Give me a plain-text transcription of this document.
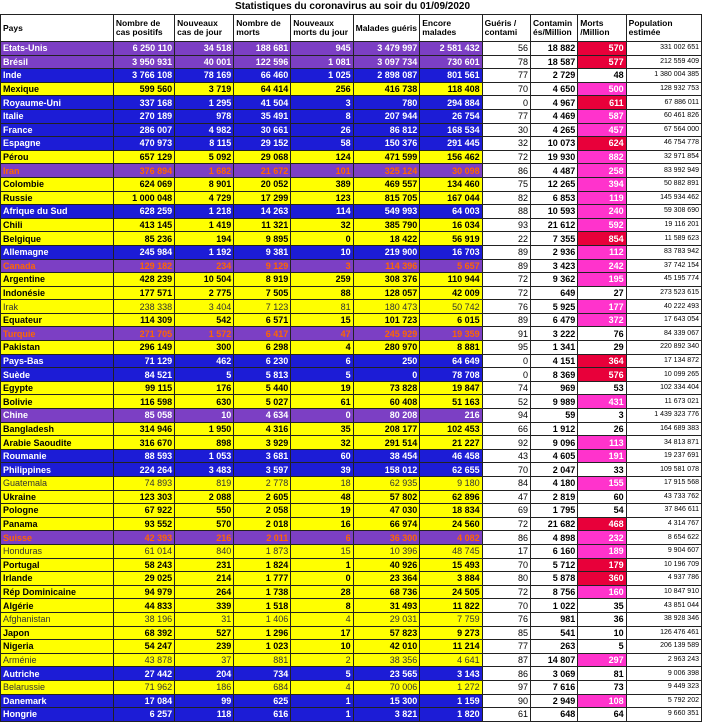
Statistiques du coronavirus au soir du 01/09/2020
Pays	Nombre de cas positifs	Nouveaux cas de jour	Nombre de morts	Nouveaux morts du jour	Malades guéris	Encore malades	Guéris / contami	Contamin és/Million	Morts /Million	Population estimée
Etats-Unis	6 250 110	34 518	188 681	945	3 479 997	2 581 432	56	18 882	570	331 002 651
Brésil	3 950 931	40 001	122 596	1 081	3 097 734	730 601	78	18 587	577	212 559 409
Inde	3 766 108	78 169	66 460	1 025	2 898 087	801 561	77	2 729	48	1 380 004 385
Mexique	599 560	3 719	64 414	256	416 738	118 408	70	4 650	500	128 932 753
Royaume-Uni	337 168	1 295	41 504	3	780	294 884	0	4 967	611	67 886 011
Italie	270 189	978	35 491	8	207 944	26 754	77	4 469	587	60 461 826
France	286 007	4 982	30 661	26	86 812	168 534	30	4 265	457	67 564 000
Espagne	470 973	8 115	29 152	58	150 376	291 445	32	10 073	624	46 754 778
Pérou	657 129	5 092	29 068	124	471 599	156 462	72	19 930	882	32 971 854
Iran	376 894	1 682	21 672	101	325 124	30 098	86	4 487	258	83 992 949
Colombie	624 069	8 901	20 052	389	469 557	134 460	75	12 265	394	50 882 891
Russie	1 000 048	4 729	17 299	123	815 705	167 044	82	6 853	119	145 934 462
Afrique du Sud	628 259	1 218	14 263	114	549 993	64 003	88	10 593	240	59 308 690
Chili	413 145	1 419	11 321	32	385 790	16 034	93	21 612	592	19 116 201
Belgique	85 236	194	9 895	0	18 422	56 919	22	7 355	854	11 589 623
Allemagne	245 984	1 192	9 381	10	219 900	16 703	89	2 936	112	83 783 942
Canada	129 182	234	9 129	3	114 396	5 657	89	3 423	242	37 742 154
Argentine	428 239	10 504	8 919	259	308 376	110 944	72	9 362	195	45 195 774
Indonésie	177 571	2 775	7 505	88	128 057	42 009	72	649	27	273 523 615
Irak	238 338	3 404	7 123	81	180 473	50 742	76	5 925	177	40 222 493
Equateur	114 309	542	6 571	15	101 723	6 015	89	6 479	372	17 643 054
Turquie	271 705	1 572	6 417	47	245 929	19 359	91	3 222	76	84 339 067
Pakistan	296 149	300	6 298	4	280 970	8 881	95	1 341	29	220 892 340
Pays-Bas	71 129	462	6 230	6	250	64 649	0	4 151	364	17 134 872
Suède	84 521	5	5 813	5	0	78 708	0	8 369	576	10 099 265
Egypte	99 115	176	5 440	19	73 828	19 847	74	969	53	102 334 404
Bolivie	116 598	630	5 027	61	60 408	51 163	52	9 989	431	11 673 021
Chine	85 058	10	4 634	0	80 208	216	94	59	3	1 439 323 776
Bangladesh	314 946	1 950	4 316	35	208 177	102 453	66	1 912	26	164 689 383
Arabie Saoudite	316 670	898	3 929	32	291 514	21 227	92	9 096	113	34 813 871
Roumanie	88 593	1 053	3 681	60	38 454	46 458	43	4 605	191	19 237 691
Philippines	224 264	3 483	3 597	39	158 012	62 655	70	2 047	33	109 581 078
Guatemala	74 893	819	2 778	18	62 935	9 180	84	4 180	155	17 915 568
Ukraine	123 303	2 088	2 605	48	57 802	62 896	47	2 819	60	43 733 762
Pologne	67 922	550	2 058	19	47 030	18 834	69	1 795	54	37 846 611
Panama	93 552	570	2 018	16	66 974	24 560	72	21 682	468	4 314 767
Suisse	42 393	216	2 011	6	36 300	4 082	86	4 898	232	8 654 622
Honduras	61 014	840	1 873	15	10 396	48 745	17	6 160	189	9 904 607
Portugal	58 243	231	1 824	1	40 926	15 493	70	5 712	179	10 196 709
Irlande	29 025	214	1 777	0	23 364	3 884	80	5 878	360	4 937 786
Rép Dominicaine	94 979	264	1 738	28	68 736	24 505	72	8 756	160	10 847 910
Algérie	44 833	339	1 518	8	31 493	11 822	70	1 022	35	43 851 044
Afghanistan	38 196	31	1 406	4	29 031	7 759	76	981	36	38 928 346
Japon	68 392	527	1 296	17	57 823	9 273	85	541	10	126 476 461
Nigeria	54 247	239	1 023	10	42 010	11 214	77	263	5	206 139 589
Arménie	43 878	37	881	2	38 356	4 641	87	14 807	297	2 963 243
Autriche	27 442	204	734	5	23 565	3 143	86	3 069	81	9 006 398
Belarussie	71 962	186	684	4	70 006	1 272	97	7 616	73	9 449 323
Danemark	17 084	99	625	1	15 300	1 159	90	2 949	108	5 792 202
Hongrie	6 257	118	616	1	3 821	1 820	61	648	64	9 660 351
